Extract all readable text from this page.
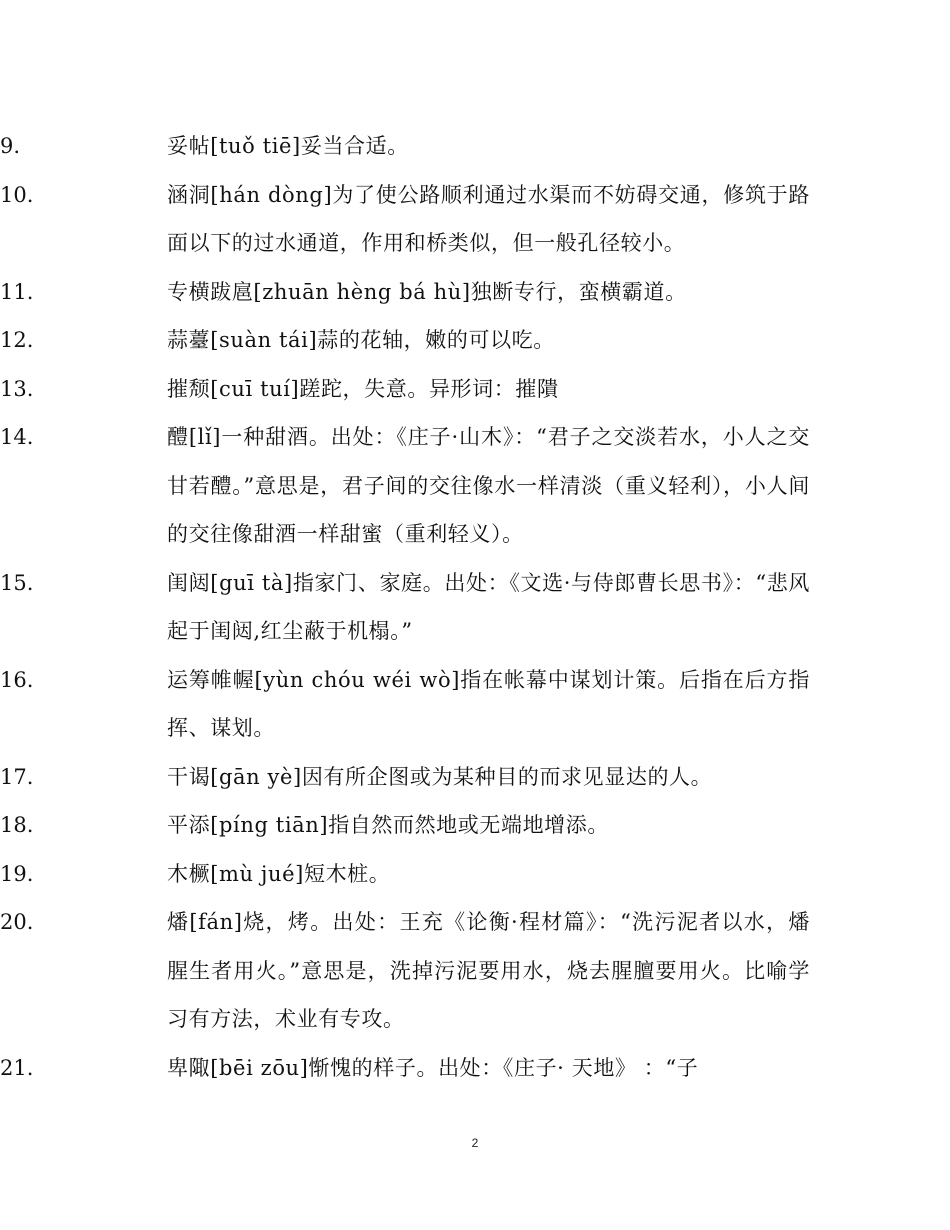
9.	妥帖[tuǒ tiē]妥当合适。
10.	涵洞[hán dòng]为了使公路顺利通过水渠而不妨碍交通，修筑于路面以下的过水通道，作用和桥类似，但一般孔径较小。
11.	专横跋扈[zhuān hèng bá hù]独断专行，蛮横霸道。
12.	蒜薹[suàn tái]蒜的花轴，嫩的可以吃。
13.	摧颓[cuī tuí]蹉跎，失意。异形词：摧隤
14.	醴[lǐ]一种甜酒。出处：《庄子·山木》：“君子之交淡若水，小人之交甘若醴。”意思是，君子间的交往像水一样清淡（重义轻利），小人间的交往像甜酒一样甜蜜（重利轻义）。
15.	闺闼[guī tà]指家门、家庭。出处：《文选·与侍郎曹长思书》：“悲风起于闺闼,红尘蔽于机榻。”
16.	运筹帷幄[yùn chóu wéi wò]指在帐幕中谋划计策。后指在后方指挥、谋划。
17.	干谒[gān yè]因有所企图或为某种目的而求见显达的人。
18.	平添[píng tiān]指自然而然地或无端地增添。
19.	木橛[mù jué]短木桩。
20.	燔[fán]烧，烤。出处：王充《论衡·程材篇》：“洗污泥者以水，燔腥生者用火。”意思是，洗掉污泥要用水，烧去腥膻要用火。比喻学习有方法，术业有专攻。
21.	卑陬[bēi zōu]惭愧的样子。出处：《庄子· 天地》 ：“子
2
